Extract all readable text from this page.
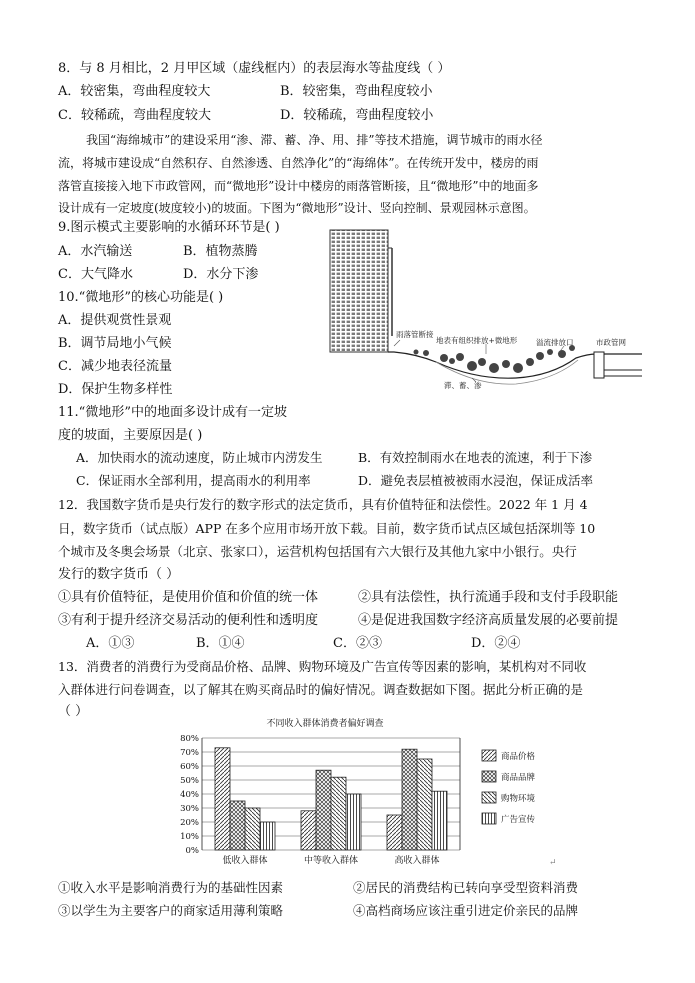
8．与 8 月相比，2 月甲区域（虚线框内）的表层海水等盐度线（ ）
A．较密集，弯曲程度较大	B．较密集，弯曲程度较小
C．较稀疏，弯曲程度较大	D．较稀疏，弯曲程度较小
我国“海绵城市”的建设采用“渗、滞、蓄、净、用、排”等技术措施，调节城市的雨水径
流，将城市建设成“自然积存、自然渗透、自然净化”的“海绵体”。在传统开发中，楼房的雨
落管直接接入地下市政管网，而“微地形”设计中楼房的雨落管断接，且“微地形”中的地面多
设计成有一定坡度(坡度较小)的坡面。下图为“微地形”设计、竖向控制、景观园林示意图。
9.图示模式主要影响的水循环环节是( )
A．水汽输送	B．植物蒸腾
C．大气降水	D．水分下渗
10.“微地形”的核心功能是( )
A．提供观赏性景观
B．调节局地小气候
C．减少地表径流量
D．保护生物多样性
雨落管断接
地表有组织排放+微地形 溢流排放口	市政管网
滞、蓄、渗
11.“微地形”中的地面多设计成有一定坡
度的坡面，主要原因是( )
A．加快雨水的流动速度，防止城市内涝发生	B．有效控制雨水在地表的流速，利于下渗
C．保证雨水全部利用，提高雨水的利用率	D．避免表层植被被雨水浸泡，保证成活率
12．我国数字货币是央行发行的数字形式的法定货币，具有价值特征和法偿性。2022 年 1 月 4
日，数字货币（试点版）APP 在多个应用市场开放下载。目前，数字货币试点区域包括深圳等 10
个城市及冬奥会场景（北京、张家口），运营机构包括国有六大银行及其他九家中小银行。央行
发行的数字货币（ ）
①具有价值特征，是使用价值和价值的统一体	②具有法偿性，执行流通手段和支付手段职能
③有利于提升经济交易活动的便利性和透明度	④是促进我国数字经济高质量发展的必要前提
A．①③	B．①④	C．②③	D．②④
13．消费者的消费行为受商品价格、品牌、购物环境及广告宣传等因素的影响，某机构对不同收
入群体进行问卷调查，以了解其在购买商品时的偏好情况。调查数据如下图。据此分析正确的是
（ ）
不同收入群体消费者偏好调查
80%
70%
60%
50%
40%
30%
20%
10%
0%
低收入群体	中等收入群体	高收入群体
商品价格
商品品牌
购物环境
广告宣传
↵
①收入水平是影响消费行为的基础性因素	②居民的消费结构已转向享受型资料消费
③以学生为主要客户的商家适用薄利策略	④高档商场应该注重引进定价亲民的品牌
